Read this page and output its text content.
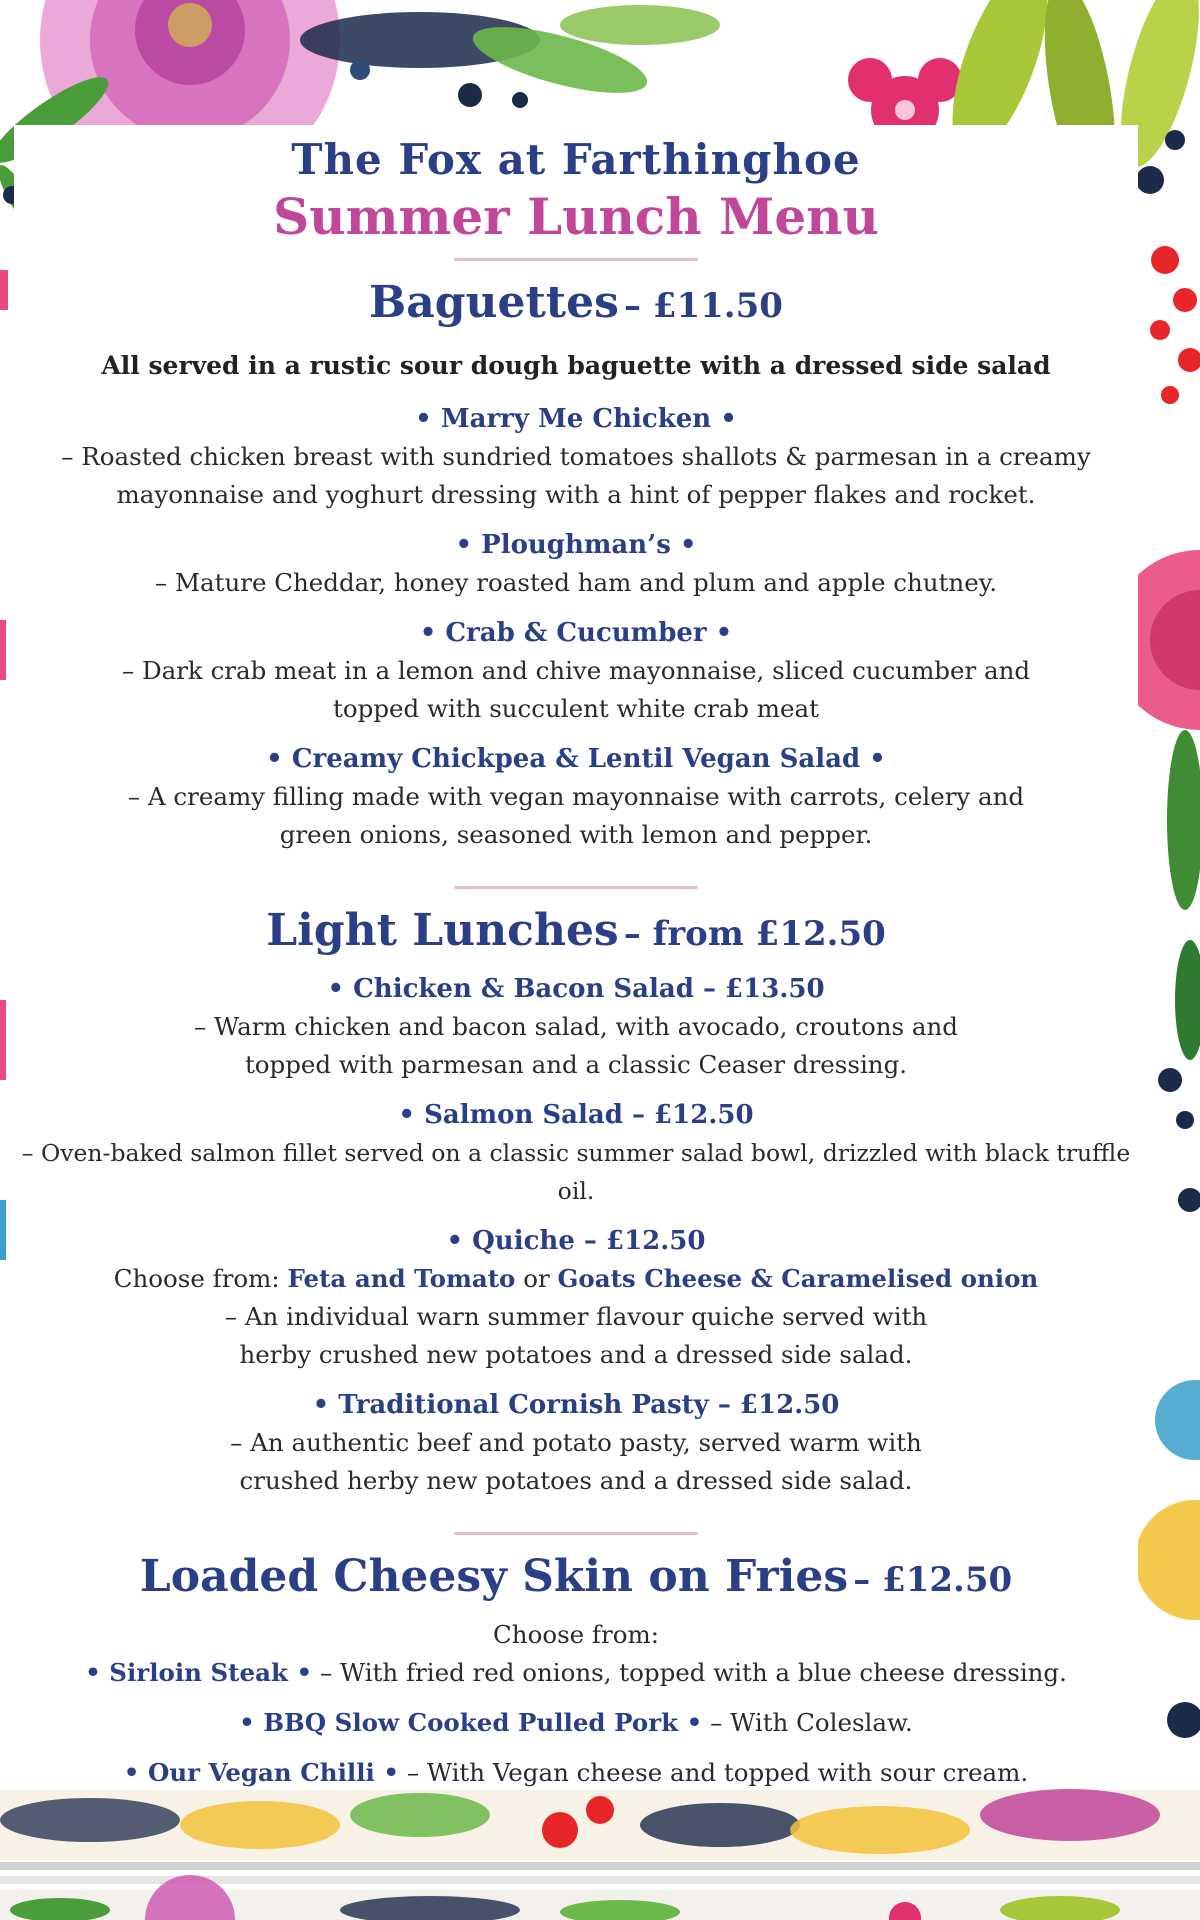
The Fox at Farthinghoe
Summer Lunch Menu

Baguettes – £11.50

All served in a rustic sour dough baguette with a dressed side salad

• Marry Me Chicken •

– Roasted chicken breast with sundried tomatoes shallots & parmesan in a creamy

mayonnaise and yoghurt dressing with a hint of pepper flakes and rocket.

• Ploughman’s •

– Mature Cheddar, honey roasted ham and plum and apple chutney.

• Crab & Cucumber •

– Dark crab meat in a lemon and chive mayonnaise, sliced cucumber and

topped with succulent white crab meat

• Creamy Chickpea & Lentil Vegan Salad •

– A creamy filling made with vegan mayonnaise with carrots, celery and

green onions, seasoned with lemon and pepper.

Light Lunches – from £12.50

• Chicken & Bacon Salad – £13.50

– Warm chicken and bacon salad, with avocado, croutons and

topped with parmesan and a classic Ceaser dressing.

• Salmon Salad – £12.50

– Oven-baked salmon fillet served on a classic summer salad bowl, drizzled with black truffle oil.

• Quiche – £12.50

Choose from: Feta and Tomato or Goats Cheese & Caramelised onion

– An individual warn summer flavour quiche served with

herby crushed new potatoes and a dressed side salad.

• Traditional Cornish Pasty – £12.50

– An authentic beef and potato pasty, served warm with

crushed herby new potatoes and a dressed side salad.

Loaded Cheesy Skin on Fries – £12.50

Choose from:

• Sirloin Steak • – With fried red onions, topped with a blue cheese dressing.

• BBQ Slow Cooked Pulled Pork • – With Coleslaw.

• Our Vegan Chilli • – With Vegan cheese and topped with sour cream.
